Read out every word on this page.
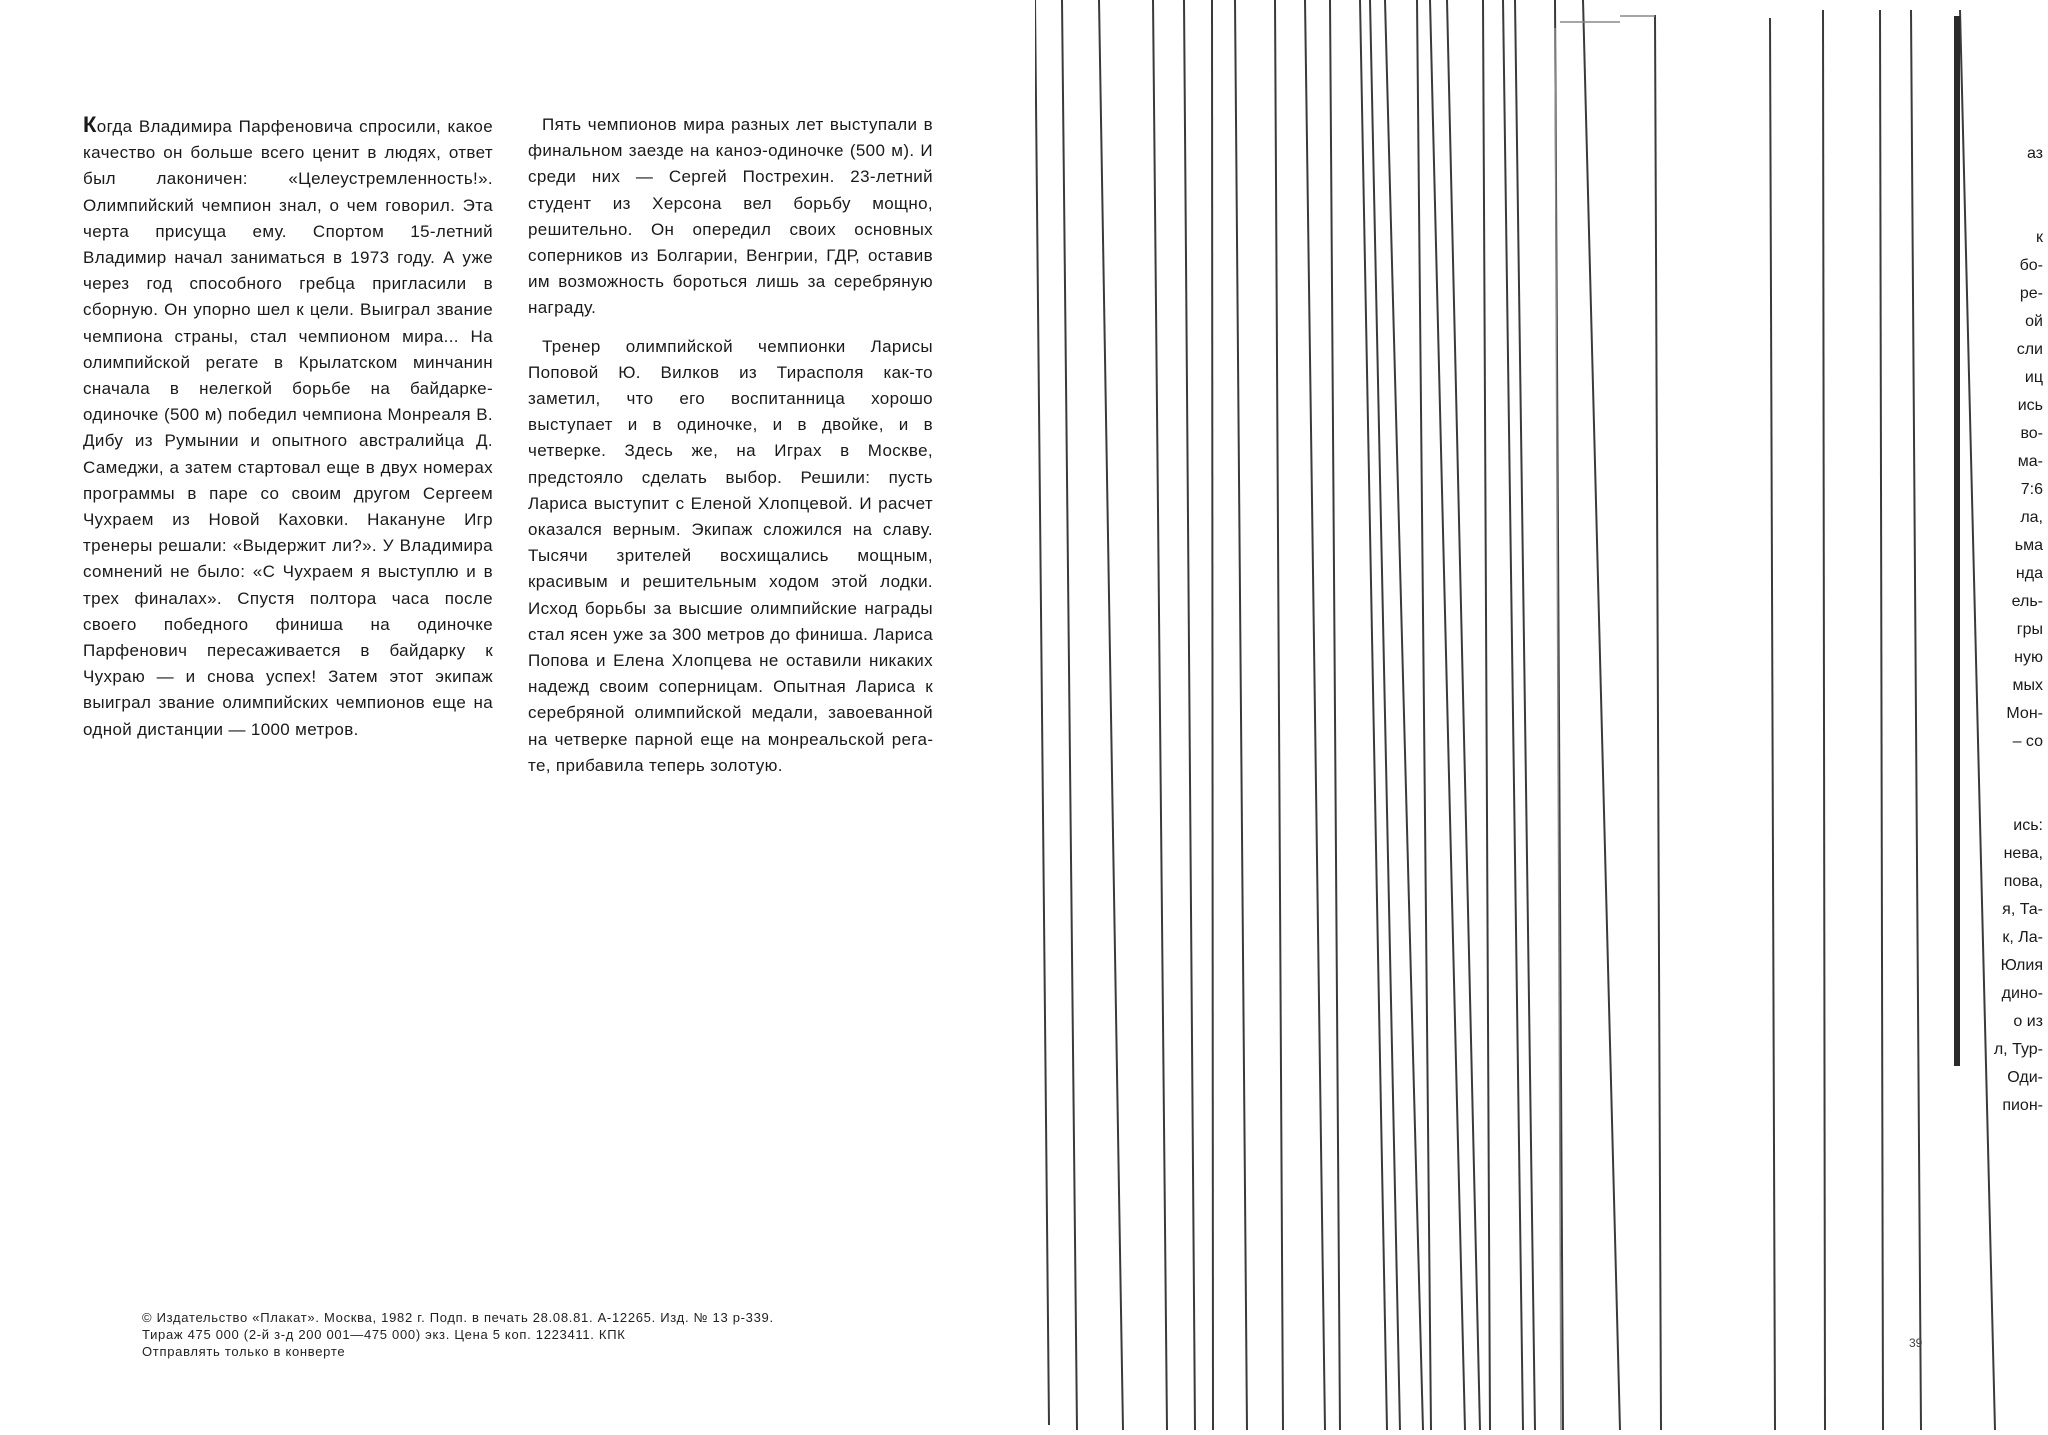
Когда Владимира Парфеновича спросили, какое качество он больше всего ценит в людях, ответ был лаконичен: «Целеустремленность!». Олимпийский чемпион знал, о чем говорил. Эта черта присуща ему. Спортом 15-летний Владимир начал заниматься в 1973 году. А уже через год способного гребца пригласили в сборную. Он упорно шел к цели. Выиграл звание чемпиона страны, стал чемпионом мира... На олимпийской регате в Крылатском минчанин сначала в нелегкой борьбе на байдарке-одиночке (500 м) победил чемпиона Монреаля В. Дибу из Румынии и опытного австралийца Д. Самеджи, а затем стартовал еще в двух номерах программы в паре со своим другом Сергеем Чухраем из Новой Каховки. Накануне Игр тренеры решали: «Выдержит ли?». У Владимира сомнений не было: «С Чухраем я выступлю и в трех финалах». Спустя полтора часа после своего победного финиша на одиночке Парфенович пересаживается в байдарку к Чухраю — и снова успех! Затем этот экипаж выиграл звание олимпийских чемпионов еще на одной дистанции — 1000 метров.

Пять чемпионов мира разных лет выступали в финальном заезде на каноэ-одиночке (500 м). И среди них — Сергей Пострехин. 23-летний студент из Херсона вел борьбу мощно, решительно. Он опередил своих основных соперников из Болгарии, Венгрии, ГДР, оставив им возможность бороться лишь за серебряную награду.

Тренер олимпийской чемпионки Ларисы Поповой Ю. Вилков из Тирасполя как-то заметил, что его воспитанница хорошо выступает и в одиночке, и в двойке, и в четверке. Здесь же, на Играх в Москве, предстояло сделать выбор. Решили: пусть Лариса выступит с Еленой Хлопцевой. И расчет оказался верным. Экипаж сложился на славу. Тысячи зрителей восхищались мощным, красивым и решительным ходом этой лодки. Исход борьбы за высшие олимпийские награды стал ясен уже за 300 метров до финиша. Лариса Попова и Елена Хлопцева не оставили никаких надежд своим соперницам. Опытная Лариса к серебряной олимпийской медали, завоеванной на четверке парной еще на монреальской регате, прибавила теперь золотую.

© Издательство «Плакат». Москва, 1982 г. Подп. в печать 28.08.81. А-12265. Изд. № 13 р-339.
Тираж 475 000 (2-й з-д 200 001—475 000) экз. Цена 5 коп. 1223411. КПК
Отправлять только в конверте
аз

к
бо-
ре-
ой
сли
иц
ись
во-
ма-
7:6
ла,
ьма
нда
ель-
гры
ную
мых
Мон-
– со

ись:
нева,
пова,
я, Та-
к, Ла-
Юлия
дино-
о из
л, Тур-
Оди-
пион-
39
